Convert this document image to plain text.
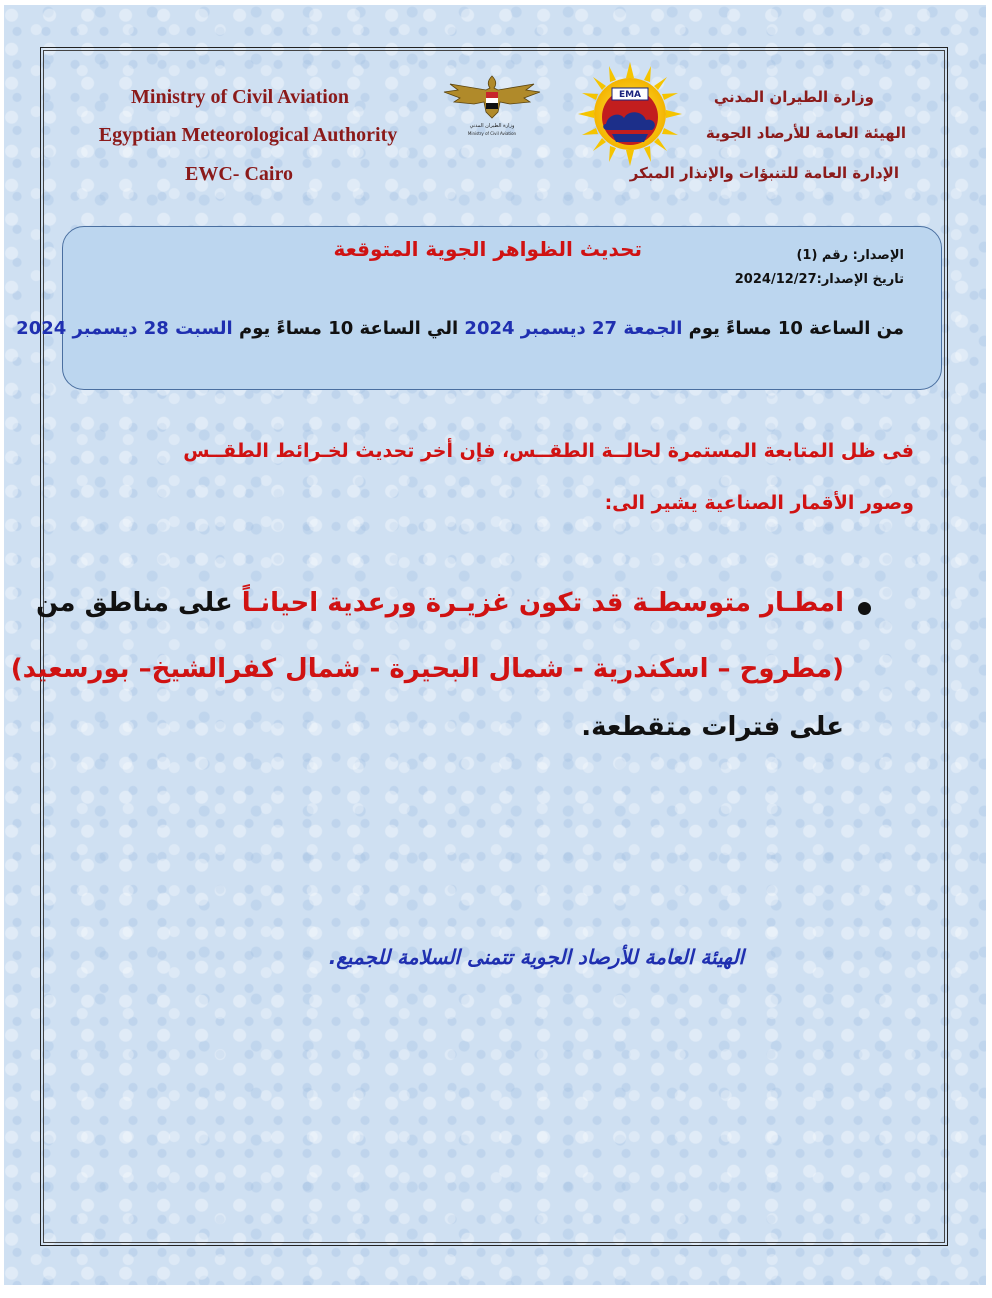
Ministry of Civil Aviation
Egyptian Meteorological Authority
EWC- Cairo
وزارة الطيران المدني
Ministry of Civil Aviation
EMA	وزارة الطيران المدني
الهيئة العامة للأرصاد الجوية
الإدارة العامة للتنبؤات والإنذار المبكر
تحديث الظواهر الجوية المتوقعة	الإصدار: رقم (1)
تاريخ الإصدار:2024/12/27
من الساعة 10 مساءً يوم الجمعة 27 ديسمبر 2024 الي الساعة 10 مساءً يوم السبت 28 ديسمبر 2024
فى ظل المتابعة المستمرة لحالــة الطقــس، فإن أخر تحديث لخـرائط الطقــس
وصور الأقمار الصناعية يشير الى:
امطـار متوسطـة قد تكون غزيـرة ورعدية احيانـاً على مناطق من
(مطروح – اسكندرية - شمال البحيرة - شمال كفرالشيخ– بورسعيد)
على فترات متقطعة.
الهيئة العامة للأرصاد الجوية تتمنى السلامة للجميع.
